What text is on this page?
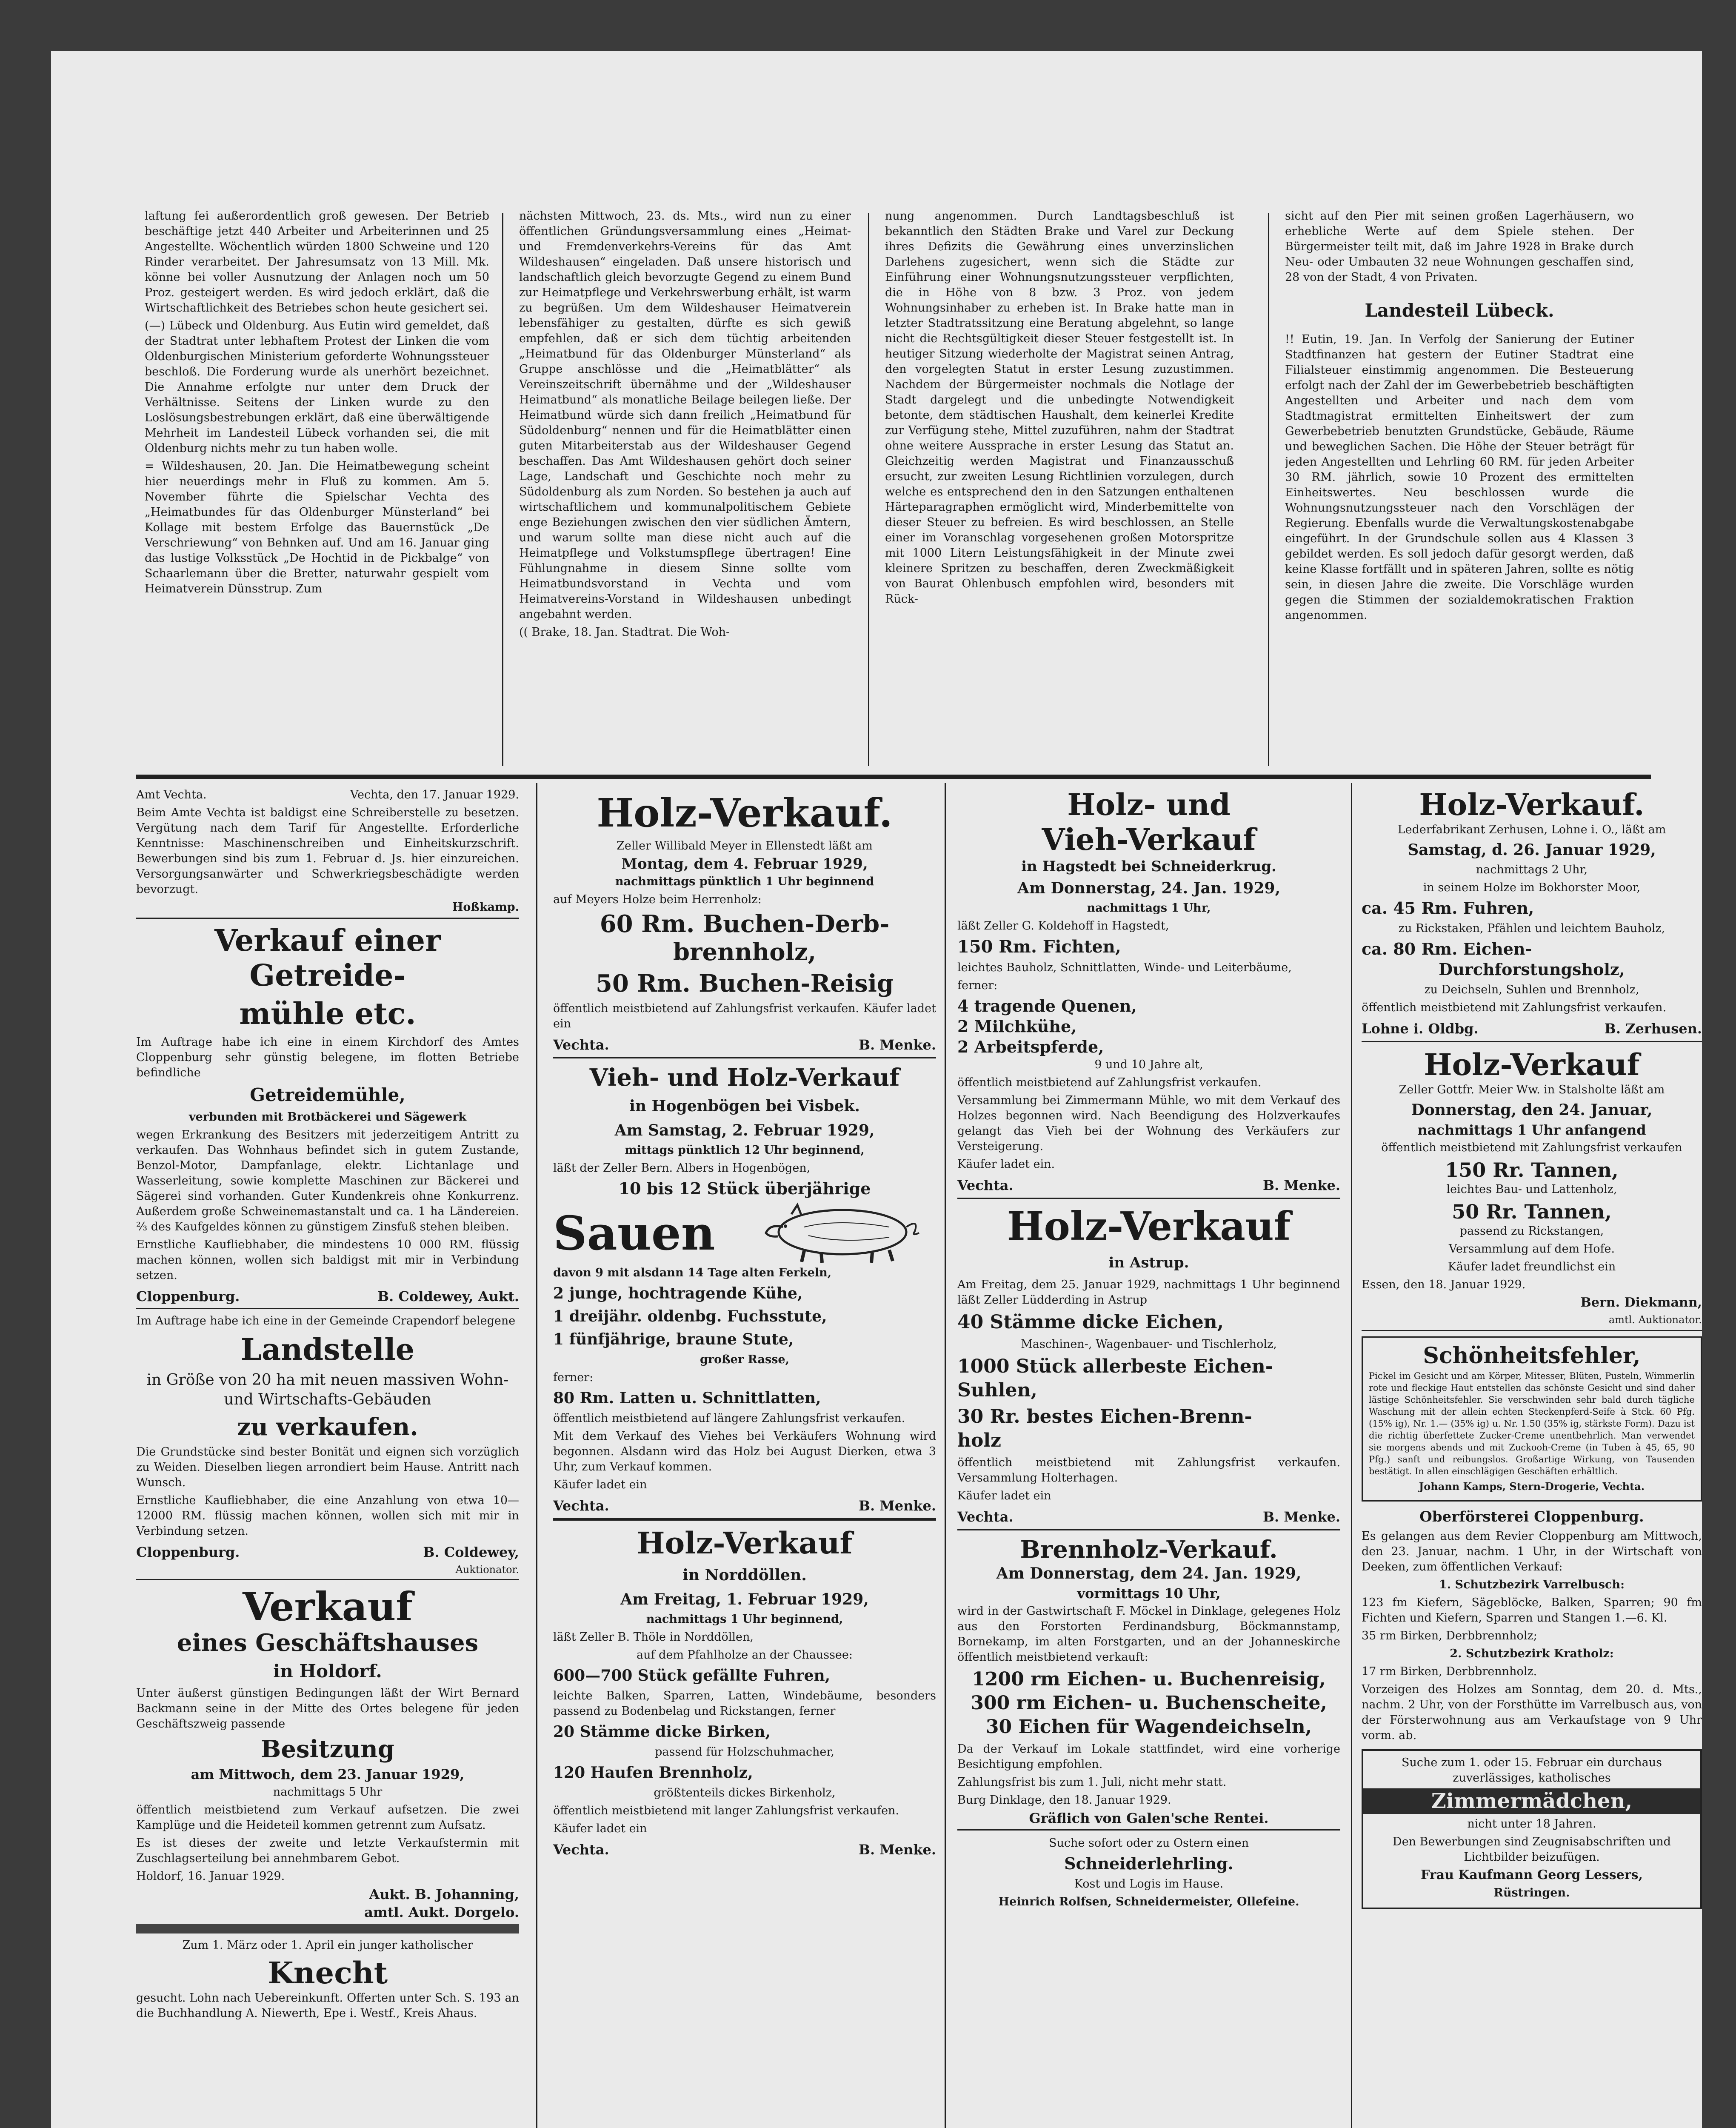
laftung fei außerordentlich groß gewesen. Der Betrieb beschäftige jetzt 440 Arbeiter und Arbeiterinnen und 25 Angestellte. Wöchentlich würden 1800 Schweine und 120 Rinder verarbeitet. Der Jahresumsatz von 13 Mill. Mk. könne bei voller Ausnutzung der Anlagen noch um 50 Proz. gesteigert werden. Es wird jedoch erklärt, daß die Wirtschaftlichkeit des Betriebes schon heute gesichert sei.

(—) Lübeck und Oldenburg. Aus Eutin wird gemeldet, daß der Stadtrat unter lebhaftem Protest der Linken die vom Oldenburgischen Ministerium geforderte Wohnungssteuer beschloß. Die Forderung wurde als unerhört bezeichnet. Die Annahme erfolgte nur unter dem Druck der Verhältnisse. Seitens der Linken wurde zu den Loslösungsbestrebungen erklärt, daß eine überwältigende Mehrheit im Landesteil Lübeck vorhanden sei, die mit Oldenburg nichts mehr zu tun haben wolle.

= Wildeshausen, 20. Jan. Die Heimatbewegung scheint hier neuerdings mehr in Fluß zu kommen. Am 5. November führte die Spielschar Vechta des „Heimatbundes für das Oldenburger Münsterland“ bei Kollage mit bestem Erfolge das Bauernstück „De Verschriewung“ von Behnken auf. Und am 16. Januar ging das lustige Volksstück „De Hochtid in de Pickbalge“ von Schaarlemann über die Bretter, naturwahr gespielt vom Heimatverein Dünsstrup. Zum

nächsten Mittwoch, 23. ds. Mts., wird nun zu einer öffentlichen Gründungsversammlung eines „Heimat- und Fremdenverkehrs-Vereins für das Amt Wildeshausen“ eingeladen. Daß unsere historisch und landschaftlich gleich bevorzugte Gegend zu einem Bund zur Heimatpflege und Verkehrswerbung erhält, ist warm zu begrüßen. Um dem Wildeshauser Heimatverein lebensfähiger zu gestalten, dürfte es sich gewiß empfehlen, daß er sich dem tüchtig arbeitenden „Heimatbund für das Oldenburger Münsterland“ als Gruppe anschlösse und die „Heimatblätter“ als Vereinszeitschrift übernähme und der „Wildeshauser Heimatbund“ als monatliche Beilage beilegen ließe. Der Heimatbund würde sich dann freilich „Heimatbund für Südoldenburg“ nennen und für die Heimatblätter einen guten Mitarbeiterstab aus der Wildeshauser Gegend beschaffen. Das Amt Wildeshausen gehört doch seiner Lage, Landschaft und Geschichte noch mehr zu Südoldenburg als zum Norden. So bestehen ja auch auf wirtschaftlichem und kommunalpolitischem Gebiete enge Beziehungen zwischen den vier südlichen Ämtern, und warum sollte man diese nicht auch auf die Heimatpflege und Volkstumspflege übertragen! Eine Fühlungnahme in diesem Sinne sollte vom Heimatbundsvorstand in Vechta und vom Heimatvereins-Vorstand in Wildeshausen unbedingt angebahnt werden.

(( Brake, 18. Jan. Stadtrat. Die Woh-

nung angenommen. Durch Landtagsbeschluß ist bekanntlich den Städten Brake und Varel zur Deckung ihres Defizits die Gewährung eines unverzinslichen Darlehens zugesichert, wenn sich die Städte zur Einführung einer Wohnungsnutzungssteuer verpflichten, die in Höhe von 8 bzw. 3 Proz. von jedem Wohnungsinhaber zu erheben ist. In Brake hatte man in letzter Stadtratssitzung eine Beratung abgelehnt, so lange nicht die Rechtsgültigkeit dieser Steuer festgestellt ist. In heutiger Sitzung wiederholte der Magistrat seinen Antrag, den vorgelegten Statut in erster Lesung zuzustimmen. Nachdem der Bürgermeister nochmals die Notlage der Stadt dargelegt und die unbedingte Notwendigkeit betonte, dem städtischen Haushalt, dem keinerlei Kredite zur Verfügung stehe, Mittel zuzuführen, nahm der Stadtrat ohne weitere Aussprache in erster Lesung das Statut an. Gleichzeitig werden Magistrat und Finanzausschuß ersucht, zur zweiten Lesung Richtlinien vorzulegen, durch welche es entsprechend den in den Satzungen enthaltenen Härteparagraphen ermöglicht wird, Minderbemittelte von dieser Steuer zu befreien. Es wird beschlossen, an Stelle einer im Voranschlag vorgesehenen großen Motorspritze mit 1000 Litern Leistungsfähigkeit in der Minute zwei kleinere Spritzen zu beschaffen, deren Zweckmäßigkeit von Baurat Ohlenbusch empfohlen wird, besonders mit Rück-

sicht auf den Pier mit seinen großen Lagerhäusern, wo erhebliche Werte auf dem Spiele stehen. Der Bürgermeister teilt mit, daß im Jahre 1928 in Brake durch Neu- oder Umbauten 32 neue Wohnungen geschaffen sind, 28 von der Stadt, 4 von Privaten.

Landesteil Lübeck.

!! Eutin, 19. Jan. In Verfolg der Sanierung der Eutiner Stadtfinanzen hat gestern der Eutiner Stadtrat eine Filialsteuer einstimmig angenommen. Die Besteuerung erfolgt nach der Zahl der im Gewerbebetrieb beschäftigten Angestellten und Arbeiter und nach dem vom Stadtmagistrat ermittelten Einheitswert der zum Gewerbebetrieb benutzten Grundstücke, Gebäude, Räume und beweglichen Sachen. Die Höhe der Steuer beträgt für jeden Angestellten und Lehrling 60 RM. für jeden Arbeiter 30 RM. jährlich, sowie 10 Prozent des ermittelten Einheitswertes. Neu beschlossen wurde die Wohnungsnutzungssteuer nach den Vorschlägen der Regierung. Ebenfalls wurde die Verwaltungskostenabgabe eingeführt. In der Grundschule sollen aus 4 Klassen 3 gebildet werden. Es soll jedoch dafür gesorgt werden, daß keine Klasse fortfällt und in späteren Jahren, sollte es nötig sein, in diesen Jahre die zweite. Die Vorschläge wurden gegen die Stimmen der sozialdemokratischen Fraktion angenommen.

Amt Vechta.	Vechta, den 17. Januar 1929.

Beim Amte Vechta ist baldigst eine Schreiberstelle zu besetzen. Vergütung nach dem Tarif für Angestellte. Erforderliche Kenntnisse: Maschinenschreiben und Einheitskurzschrift. Bewerbungen sind bis zum 1. Februar d. Js. hier einzureichen. Versorgungsanwärter und Schwerkriegsbeschädigte werden bevorzugt.

Hoßkamp.

Verkauf einer Getreide-
mühle etc.

Im Auftrage habe ich eine in einem Kirchdorf des Amtes Cloppenburg sehr günstig belegene, im flotten Betriebe befindliche

Getreidemühle,

verbunden mit Brotbäckerei und Sägewerk

wegen Erkrankung des Besitzers mit jederzeitigem Antritt zu verkaufen. Das Wohnhaus befindet sich in gutem Zustande, Benzol-Motor, Dampfanlage, elektr. Lichtanlage und Wasserleitung, sowie komplette Maschinen zur Bäckerei und Sägerei sind vorhanden. Guter Kundenkreis ohne Konkurrenz. Außerdem große Schweinemastanstalt und ca. 1 ha Ländereien. ⅔ des Kaufgeldes können zu günstigem Zinsfuß stehen bleiben.

Ernstliche Kaufliebhaber, die mindestens 10 000 RM. flüssig machen können, wollen sich baldigst mit mir in Verbindung setzen.

Cloppenburg.	B. Coldewey, Aukt.

Im Auftrage habe ich eine in der Gemeinde Crapendorf belegene

Landstelle

in Größe von 20 ha mit neuen massiven Wohn- und Wirtschafts-Gebäuden

zu verkaufen.

Die Grundstücke sind bester Bonität und eignen sich vorzüglich zu Weiden. Dieselben liegen arrondiert beim Hause. Antritt nach Wunsch.

Ernstliche Kaufliebhaber, die eine Anzahlung von etwa 10—12000 RM. flüssig machen können, wollen sich mit mir in Verbindung setzen.

Cloppenburg.	B. Coldewey,

Auktionator.

Verkauf
eines Geschäftshauses
in Holdorf.

Unter äußerst günstigen Bedingungen läßt der Wirt Bernard Backmann seine in der Mitte des Ortes belegene für jeden Geschäftszweig passende

Besitzung

am Mittwoch, dem 23. Januar 1929,

nachmittags 5 Uhr

öffentlich meistbietend zum Verkauf aufsetzen. Die zwei Kamplüge und die Heideteil kommen getrennt zum Aufsatz.

Es ist dieses der zweite und letzte Verkaufstermin mit Zuschlagserteilung bei annehmbarem Gebot.

Holdorf, 16. Januar 1929.

Aukt. B. Johanning,

amtl. Aukt. Dorgelo.

Zum 1. März oder 1. April ein junger katholischer

Knecht

gesucht. Lohn nach Uebereinkunft. Offerten unter Sch. S. 193 an die Buchhandlung A. Niewerth, Epe i. Westf., Kreis Ahaus.

Holz-Verkauf.

Zeller Willibald Meyer in Ellenstedt läßt am

Montag, dem 4. Februar 1929,

nachmittags pünktlich 1 Uhr beginnend

auf Meyers Holze beim Herrenholz:

60 Rm. Buchen-Derb-
brennholz,
50 Rm. Buchen-Reisig

öffentlich meistbietend auf Zahlungsfrist verkaufen. Käufer ladet ein

Vechta.	B. Menke.
Vieh- und Holz-Verkauf
in Hogenbögen bei Visbek.

Am Samstag, 2. Februar 1929,

mittags pünktlich 12 Uhr beginnend,

läßt der Zeller Bern. Albers in Hogenbögen,

10 bis 12 Stück überjährige

Sauen

davon 9 mit alsdann 14 Tage alten Ferkeln,

2 junge, hochtragende Kühe,

1 dreijähr. oldenbg. Fuchsstute,

1 fünfjährige, braune Stute,

großer Rasse,

ferner:

80 Rm. Latten u. Schnittlatten,

öffentlich meistbietend auf längere Zahlungsfrist verkaufen.

Mit dem Verkauf des Viehes bei Verkäufers Wohnung wird begonnen. Alsdann wird das Holz bei August Dierken, etwa 3 Uhr, zum Verkauf kommen.

Käufer ladet ein

Vechta.	B. Menke.
Holz-Verkauf
in Norddöllen.

Am Freitag, 1. Februar 1929,

nachmittags 1 Uhr beginnend,

läßt Zeller B. Thöle in Norddöllen,

auf dem Pfahlholze an der Chaussee:

600—700 Stück gefällte Fuhren,

leichte Balken, Sparren, Latten, Windebäume, besonders passend zu Bodenbelag und Rickstangen, ferner

20 Stämme dicke Birken,

passend für Holzschuhmacher,

120 Haufen Brennholz,

größtenteils dickes Birkenholz,

öffentlich meistbietend mit langer Zahlungsfrist verkaufen.

Käufer ladet ein

Vechta.	B. Menke.
Holz- und
Vieh-Verkauf

in Hagstedt bei Schneiderkrug.

Am Donnerstag, 24. Jan. 1929,

nachmittags 1 Uhr,

läßt Zeller G. Koldehoff in Hagstedt,

150 Rm. Fichten,

leichtes Bauholz, Schnittlatten, Winde- und Leiterbäume,

ferner:

4 tragende Quenen,

2 Milchkühe,

2 Arbeitspferde,

9 und 10 Jahre alt,

öffentlich meistbietend auf Zahlungsfrist verkaufen.

Versammlung bei Zimmermann Mühle, wo mit dem Verkauf des Holzes begonnen wird. Nach Beendigung des Holzverkaufes gelangt das Vieh bei der Wohnung des Verkäufers zur Versteigerung.

Käufer ladet ein.

Vechta.	B. Menke.
Holz-Verkauf
in Astrup.

Am Freitag, dem 25. Januar 1929, nachmittags 1 Uhr beginnend läßt Zeller Lüdderding in Astrup

40 Stämme dicke Eichen,

Maschinen-, Wagenbauer- und Tischlerholz,

1000 Stück allerbeste Eichen-

Suhlen,

30 Rr. bestes Eichen-Brenn-

holz

öffentlich meistbietend mit Zahlungsfrist verkaufen. Versammlung Holterhagen.

Käufer ladet ein

Vechta.	B. Menke.
Brennholz-Verkauf.

Am Donnerstag, dem 24. Jan. 1929,

vormittags 10 Uhr,

wird in der Gastwirtschaft F. Möckel in Dinklage, gelegenes Holz aus den Forstorten Ferdinandsburg, Böckmannstamp, Bornekamp, im alten Forstgarten, und an der Johanneskirche öffentlich meistbietend verkauft:

1200 rm Eichen- u. Buchenreisig,

300 rm Eichen- u. Buchenscheite,

30 Eichen für Wagendeichseln,

Da der Verkauf im Lokale stattfindet, wird eine vorherige Besichtigung empfohlen.

Zahlungsfrist bis zum 1. Juli, nicht mehr statt.

Burg Dinklage, den 18. Januar 1929.

Gräflich von Galen'sche Rentei.

Suche sofort oder zu Ostern einen

Schneiderlehrling.

Kost und Logis im Hause.

Heinrich Rolfsen, Schneidermeister, Ollefeine.

Holz-Verkauf.

Lederfabrikant Zerhusen, Lohne i. O., läßt am

Samstag, d. 26. Januar 1929,

nachmittags 2 Uhr,

in seinem Holze im Bokhorster Moor,

ca. 45 Rm. Fuhren,

zu Rickstaken, Pfählen und leichtem Bauholz,

ca. 80 Rm. Eichen-

Durchforstungsholz,

zu Deichseln, Suhlen und Brennholz,

öffentlich meistbietend mit Zahlungsfrist verkaufen.

Lohne i. Oldbg.	B. Zerhusen.
Holz-Verkauf

Zeller Gottfr. Meier Ww. in Stalsholte läßt am

Donnerstag, den 24. Januar,

nachmittags 1 Uhr anfangend

öffentlich meistbietend mit Zahlungsfrist verkaufen

150 Rr. Tannen,

leichtes Bau- und Lattenholz,

50 Rr. Tannen,

passend zu Rickstangen,

Versammlung auf dem Hofe.

Käufer ladet freundlichst ein

Essen, den 18. Januar 1929.

Bern. Diekmann,

amtl. Auktionator.

Schönheitsfehler,

Pickel im Gesicht und am Körper, Mitesser, Blüten, Pusteln, Wimmerlin rote und fleckige Haut entstellen das schönste Gesicht und sind daher lästige Schönheitsfehler. Sie verschwinden sehr bald durch tägliche Waschung mit der allein echten Steckenpferd-Seife à Stck. 60 Pfg. (15% ig), Nr. 1.— (35% ig) u. Nr. 1.50 (35% ig, stärkste Form). Dazu ist die richtig überfettete Zucker-Creme unentbehrlich. Man verwendet sie morgens abends und mit Zuckooh-Creme (in Tuben à 45, 65, 90 Pfg.) sanft und reibungslos. Großartige Wirkung, von Tausenden bestätigt. In allen einschlägigen Geschäften erhältlich.

Johann Kamps, Stern-Drogerie, Vechta.

Oberförsterei Cloppenburg.

Es gelangen aus dem Revier Cloppenburg am Mittwoch, den 23. Januar, nachm. 1 Uhr, in der Wirtschaft von Deeken, zum öffentlichen Verkauf:

1. Schutzbezirk Varrelbusch:

123 fm Kiefern, Sägeblöcke, Balken, Sparren; 90 fm Fichten und Kiefern, Sparren und Stangen 1.—6. Kl.

35 rm Birken, Derbbrennholz;

2. Schutzbezirk Kratholz:

17 rm Birken, Derbbrennholz.

Vorzeigen des Holzes am Sonntag, dem 20. d. Mts., nachm. 2 Uhr, von der Forsthütte im Varrelbusch aus, von der Försterwohnung aus am Verkaufstage von 9 Uhr vorm. ab.

Suche zum 1. oder 15. Februar ein durchaus zuverlässiges, katholisches

Zimmermädchen,

nicht unter 18 Jahren.

Den Bewerbungen sind Zeugnisabschriften und Lichtbilder beizufügen.

Frau Kaufmann Georg Lessers,

Rüstringen.
